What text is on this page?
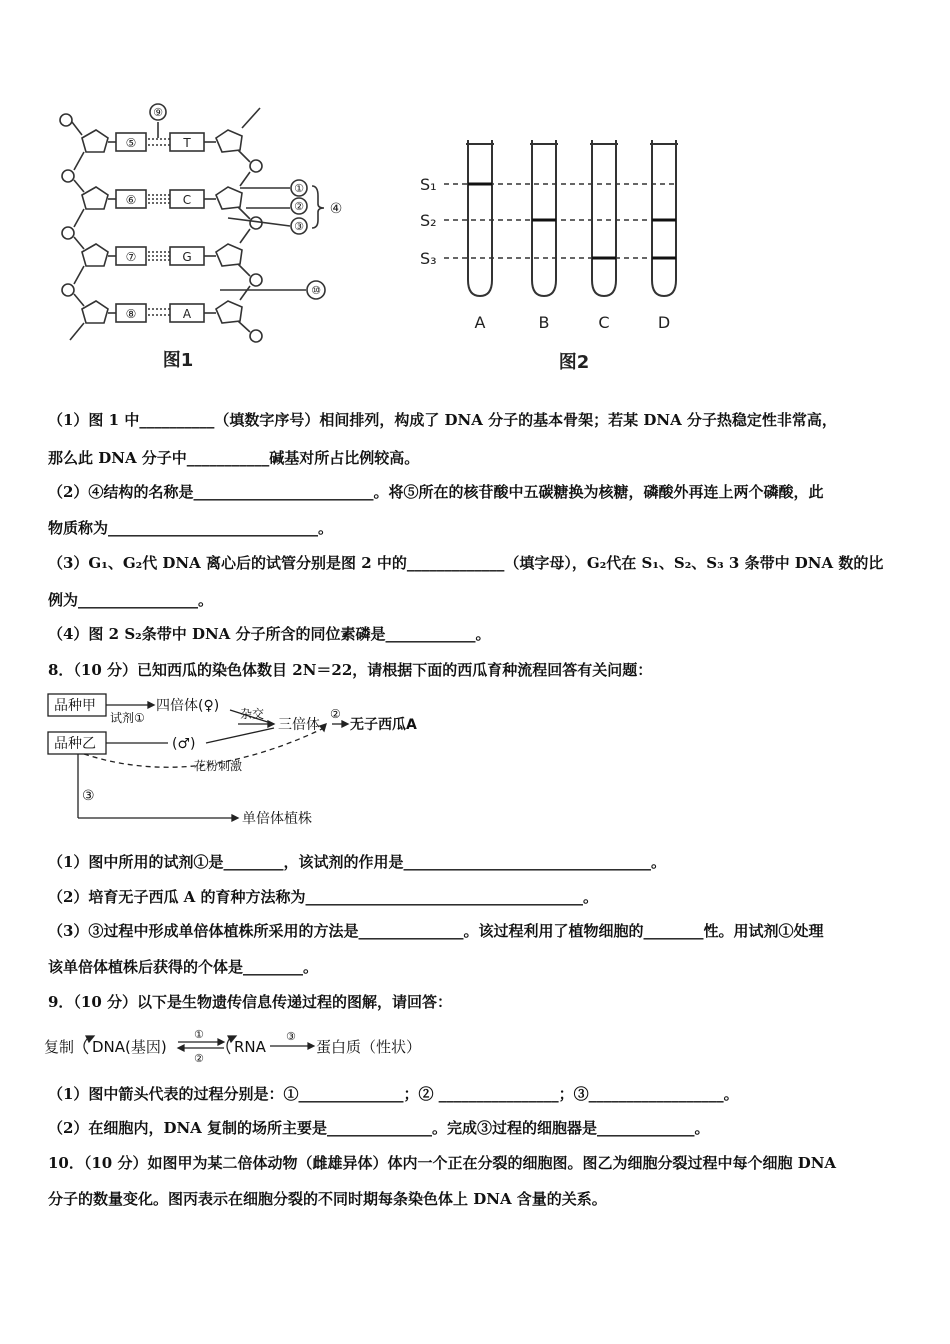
⑤
⑥
⑦
⑧
T
C
G
A
⑨
①
②
③
④
⑩
图1
S₁
S₂
S₃
A	B	C	D
图2
（1）图 1 中__________（填数字序号）相间排列，构成了 DNA 分子的基本骨架；若某 DNA 分子热稳定性非常高，
那么此 DNA 分子中___________碱基对所占比例较高。
（2）④结构的名称是________________________。将⑤所在的核苷酸中五碳糖换为核糖，磷酸外再连上两个磷酸，此
物质称为____________________________。
（3）G₁、G₂代 DNA 离心后的试管分别是图 2 中的_____________（填字母），G₂代在 S₁、S₂、S₃ 3 条带中 DNA 数的比
例为________________。
（4）图 2 S₂条带中 DNA 分子所含的同位素磷是____________。
8．（10 分）已知西瓜的染色体数目 2N＝22，请根据下面的西瓜育种流程回答有关问题：
品种甲
品种乙
四倍体(♀)
试剂①	杂交
(♂)
三倍体
②
无子西瓜A
花粉刺激
③
单倍体植株
（1）图中所用的试剂①是________，该试剂的作用是_________________________________。
（2）培育无子西瓜 A 的育种方法称为_____________________________________。
（3）③过程中形成单倍体植株所采用的方法是______________。该过程利用了植物细胞的________性。用试剂①处理
该单倍体植株后获得的个体是________。
9．（10 分）以下是生物遗传信息传递过程的图解，请回答：
复制 DNA(基因)
①
②
RNA
③
蛋白质（性状）
（1）图中箭头代表的过程分别是：①______________；② ________________；③__________________。
（2）在细胞内，DNA 复制的场所主要是______________。完成③过程的细胞器是_____________。
10．（10 分）如图甲为某二倍体动物（雌雄异体）体内一个正在分裂的细胞图。图乙为细胞分裂过程中每个细胞 DNA
分子的数量变化。图丙表示在细胞分裂的不同时期每条染色体上 DNA 含量的关系。
